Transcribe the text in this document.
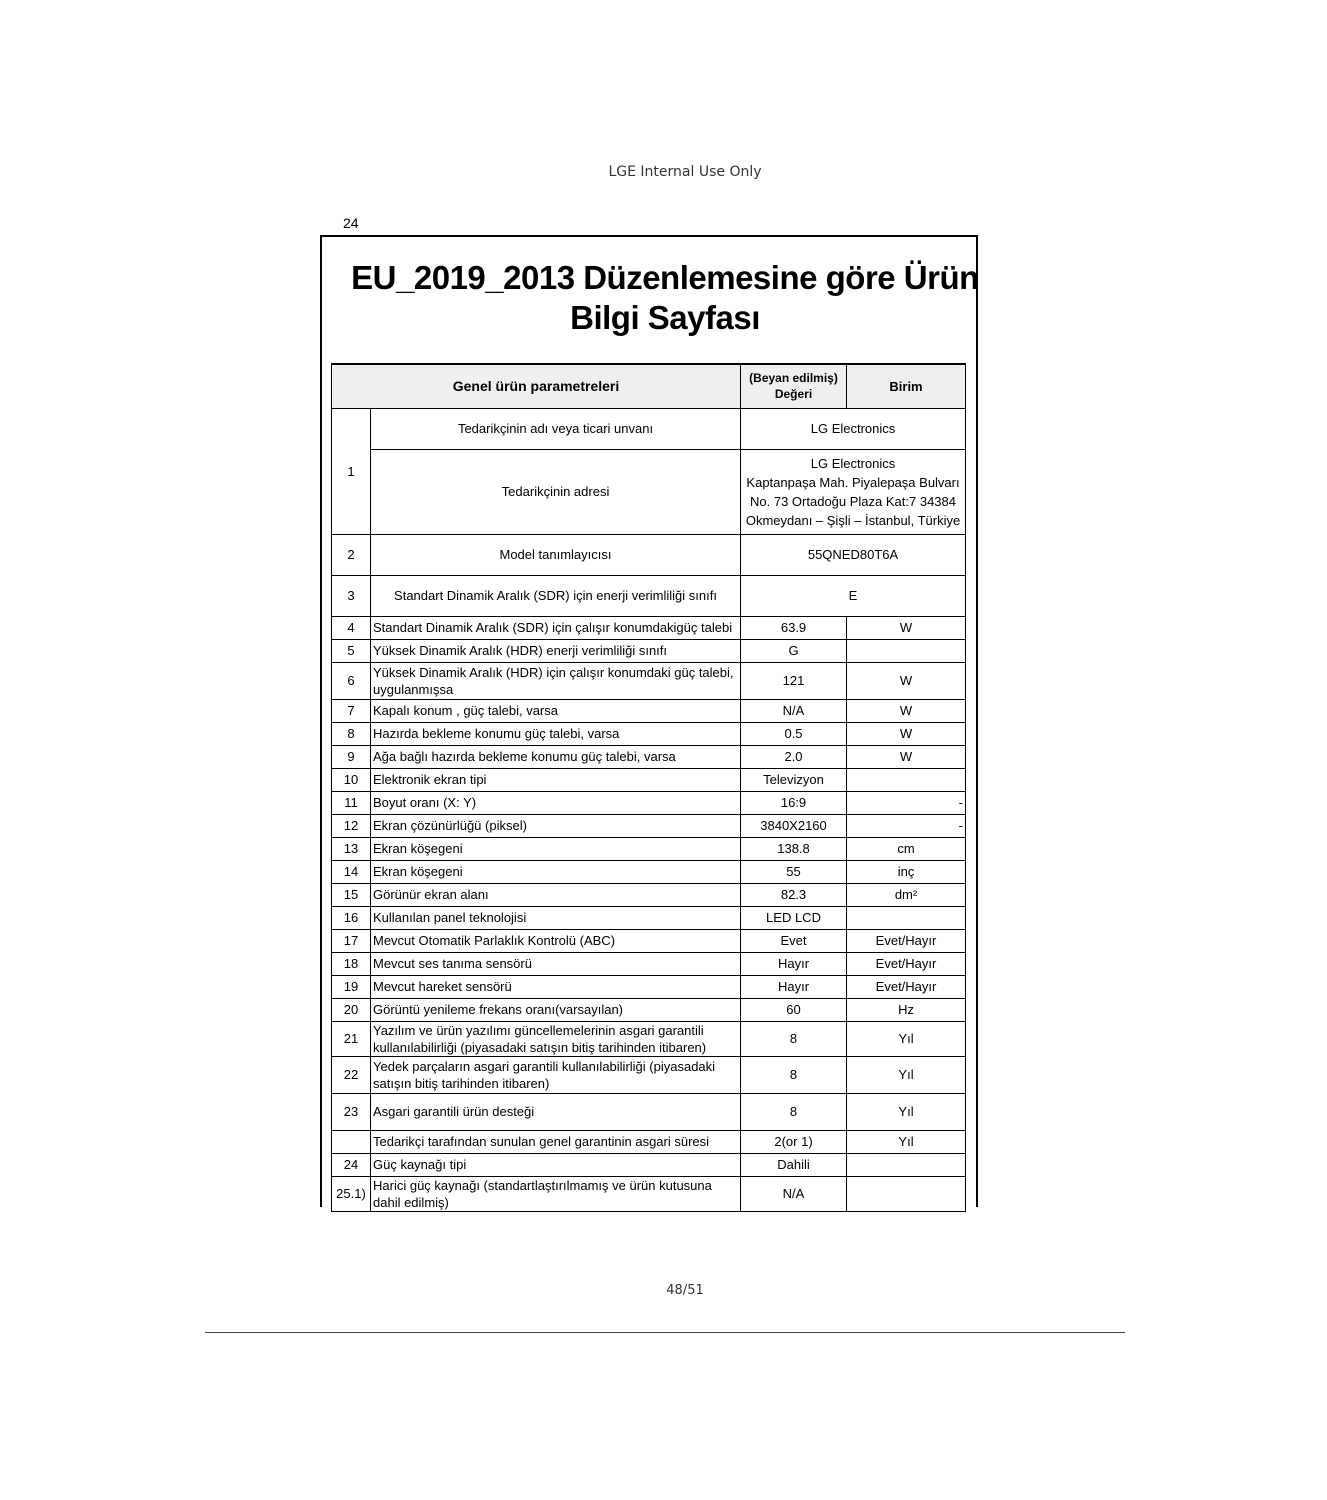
LGE Internal Use Only
24
EU_2019_2013 Düzenlemesine göre Ürün
Bilgi Sayfası
Genel ürün parametreleri		(Beyan edilmiş) Değeri	Birim
1	Tedarikçinin adı veya ticari unvanı	LG Electronics	
	Tedarikçinin adresi	LG Electronics
Kaptanpaşa Mah. Piyalepaşa Bulvarı
No. 73 Ortadoğu Plaza Kat:7 34384
Okmeydanı – Şişli – İstanbul, Türkiye	

2	Model tanımlayıcısı	55QNED80T6A	
3	Standart Dinamik Aralık (SDR) için enerji verimliliği sınıfı	E	
4	Standart Dinamik Aralık (SDR) için çalışır konumdakigüç talebi	63.9	W
5	Yüksek Dinamik Aralık (HDR) enerji verimliliği sınıfı	G	
6	Yüksek Dinamik Aralık (HDR) için çalışır konumdaki güç talebi, uygulanmışsa	121	W
7	Kapalı konum , güç talebi, varsa	N/A	W
8	Hazırda bekleme konumu güç talebi, varsa	0.5	W
9	Ağa bağlı hazırda bekleme konumu güç talebi, varsa	2.0	W
10	Elektronik ekran tipi	Televizyon	
11	Boyut oranı (X: Y)	16:9	-
12	Ekran çözünürlüğü (piksel)	3840X2160	-
13	Ekran köşegeni	138.8	cm
14	Ekran köşegeni	55	inç
15	Görünür ekran alanı	82.3	dm²
16	Kullanılan panel teknolojisi	LED LCD	
17	Mevcut Otomatik Parlaklık Kontrolü (ABC)	Evet	Evet/Hayır
18	Mevcut ses tanıma sensörü	Hayır	Evet/Hayır
19	Mevcut hareket sensörü	Hayır	Evet/Hayır
20	Görüntü yenileme frekans oranı(varsayılan)	60	Hz
21	Yazılım ve ürün yazılımı güncellemelerinin asgari garantili kullanılabilirliği (piyasadaki satışın bitiş tarihinden itibaren)	8	Yıl
22	Yedek parçaların asgari garantili kullanılabilirliği (piyasadaki satışın bitiş tarihinden itibaren)	8	Yıl
23	Asgari garantili ürün desteği	8	Yıl
	Tedarikçi tarafından sunulan genel garantinin asgari süresi	2(or 1)	Yıl
24	Güç kaynağı tipi	Dahili	
25.1)	Harici güç kaynağı (standartlaştırılmamış ve ürün kutusuna dahil edilmiş)	N/A	
48/51
